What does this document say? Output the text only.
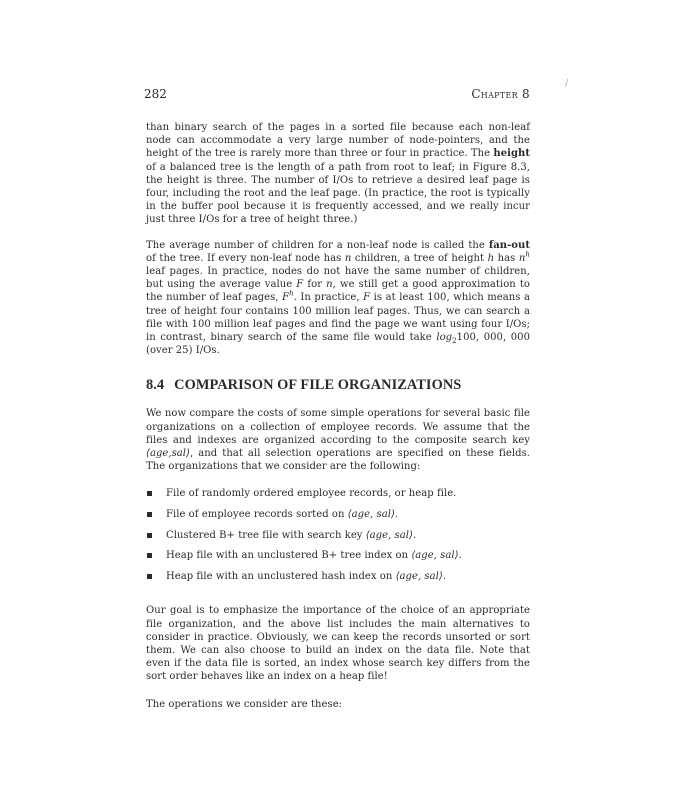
282	Chapter 8
/

than binary search of the pages in a sorted file because each non-leaf node can accommodate a very large number of node-pointers, and the height of the tree is rarely more than three or four in practice. The height of a balanced tree is the length of a path from root to leaf; in Figure 8.3, the height is three. The number of I/Os to retrieve a desired leaf page is four, including the root and the leaf page. (In practice, the root is typically in the buffer pool because it is frequently accessed, and we really incur just three I/Os for a tree of height three.)

The average number of children for a non-leaf node is called the fan-out of the tree. If every non-leaf node has n children, a tree of height h has $n^h$ leaf pages. In practice, nodes do not have the same number of children, but using the average value F for n, we still get a good approximation to the number of leaf pages, $F^h$. In practice, F is at least 100, which means a tree of height four contains 100 million leaf pages. Thus, we can search a file with 100 million leaf pages and find the page we want using four I/Os; in contrast, binary search of the same file would take $\log_2100$, 000, 000 (over 25) I/Os.

8.4 COMPARISON OF FILE ORGANIZATIONS

We now compare the costs of some simple operations for several basic file organizations on a collection of employee records. We assume that the files and indexes are organized according to the composite search key ⟨age,sal⟩, and that all selection operations are specified on these fields. The organizations that we consider are the following:

File of randomly ordered employee records, or heap file.
File of employee records sorted on ⟨age, sal⟩.
Clustered B+ tree file with search key ⟨age, sal⟩.
Heap file with an unclustered B+ tree index on ⟨age, sal⟩.
Heap file with an unclustered hash index on ⟨age, sal⟩.

Our goal is to emphasize the importance of the choice of an appropriate file organization, and the above list includes the main alternatives to consider in practice. Obviously, we can keep the records unsorted or sort them. We can also choose to build an index on the data file. Note that even if the data file is sorted, an index whose search key differs from the sort order behaves like an index on a heap file!

The operations we consider are these:
